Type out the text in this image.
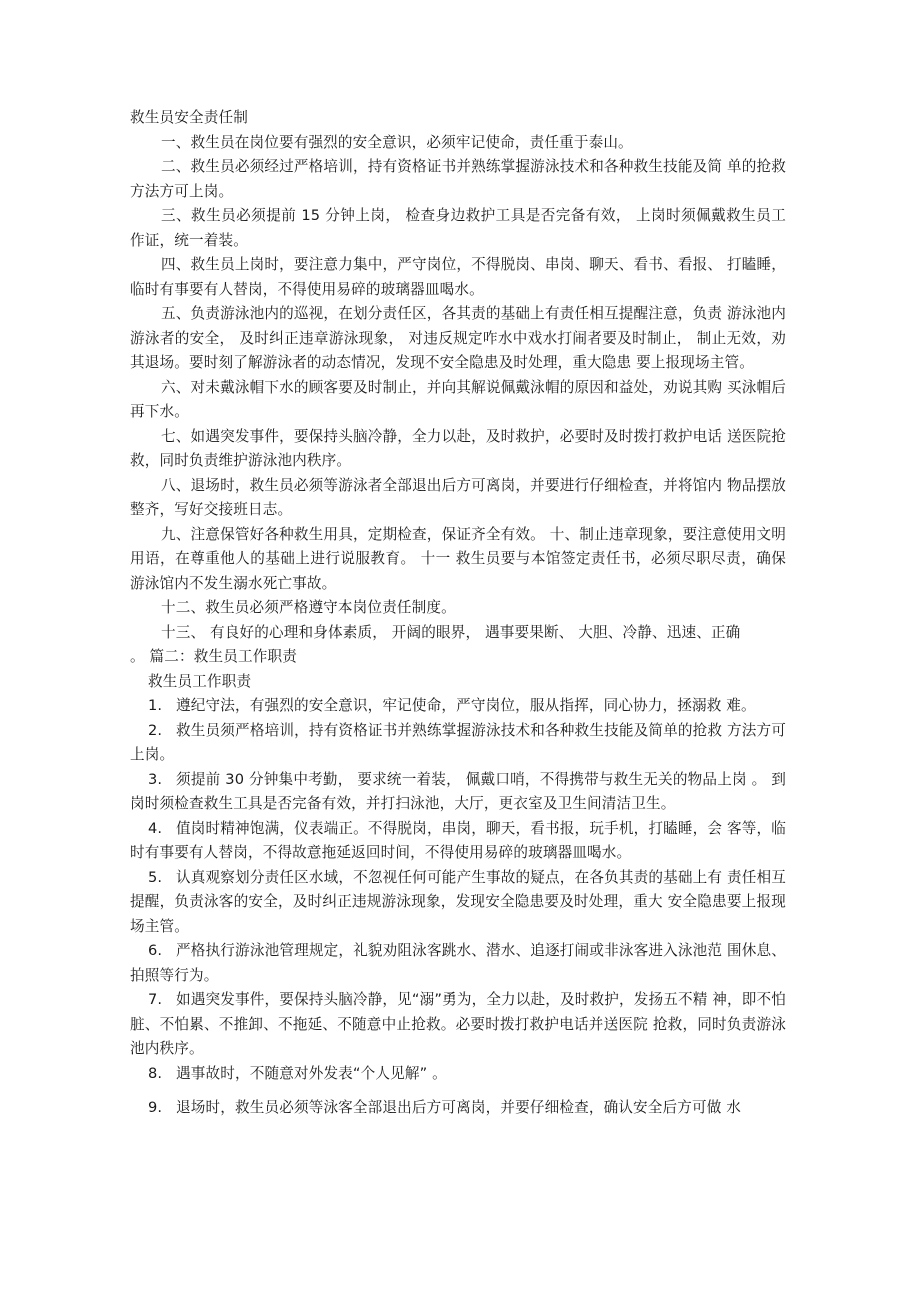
救生员安全责任制

一、救生员在岗位要有强烈的安全意识，必须牢记使命，责任重于泰山。

二、救生员必须经过严格培训，持有资格证书并熟练掌握游泳技术和各种救生技能及简 单的抢救方法方可上岗。

三、救生员必须提前 15 分钟上岗， 检查身边救护工具是否完备有效， 上岗时须佩戴救生员工作证，统一着装。

四、救生员上岗时，要注意力集中，严守岗位，不得脱岗、串岗、聊天、看书、看报、 打瞌睡，临时有事要有人替岗，不得使用易碎的玻璃器皿喝水。

五、负责游泳池内的巡视，在划分责任区，各其责的基础上有责任相互提醒注意，负责 游泳池内游泳者的安全， 及时纠正违章游泳现象， 对违反规定咋水中戏水打闹者要及时制止， 制止无效，劝其退场。要时刻了解游泳者的动态情况，发现不安全隐患及时处理，重大隐患 要上报现场主管。

六、对未戴泳帽下水的顾客要及时制止，并向其解说佩戴泳帽的原因和益处，劝说其购 买泳帽后再下水。

七、如遇突发事件，要保持头脑冷静，全力以赴，及时救护，必要时及时拨打救护电话 送医院抢救，同时负责维护游泳池内秩序。

八、退场时，救生员必须等游泳者全部退出后方可离岗，并要进行仔细检查，并将馆内 物品摆放整齐，写好交接班日志。

九、注意保管好各种救生用具，定期检查，保证齐全有效。 十、制止违章现象，要注意使用文明用语，在尊重他人的基础上进行说服教育。 十一 救生员要与本馆签定责任书，必须尽职尽责，确保游泳馆内不发生溺水死亡事故。

十二、救生员必须严格遵守本岗位责任制度。

十三、 有良好的心理和身体素质， 开阔的眼界， 遇事要果断、 大胆、冷静、迅速、正确

。 篇二：救生员工作职责

救生员工作职责

1. 遵纪守法，有强烈的安全意识，牢记使命，严守岗位，服从指挥，同心协力，拯溺救 难。

2. 救生员须严格培训，持有资格证书并熟练掌握游泳技术和各种救生技能及简单的抢救 方法方可上岗。

3. 须提前 30 分钟集中考勤， 要求统一着装， 佩戴口哨，不得携带与救生无关的物品上岗 。 到岗时须检查救生工具是否完备有效，并打扫泳池，大厅，更衣室及卫生间清洁卫生。

4. 值岗时精神饱满，仪表端正。不得脱岗，串岗，聊天，看书报，玩手机，打瞌睡，会 客等，临时有事要有人替岗，不得故意拖延返回时间，不得使用易碎的玻璃器皿喝水。

5. 认真观察划分责任区水域，不忽视任何可能产生事故的疑点，在各负其责的基础上有 责任相互提醒，负责泳客的安全，及时纠正违规游泳现象，发现安全隐患要及时处理，重大 安全隐患要上报现场主管。

6. 严格执行游泳池管理规定，礼貌劝阻泳客跳水、潜水、追逐打闹或非泳客进入泳池范 围休息、拍照等行为。

7. 如遇突发事件，要保持头脑冷静，见“溺”勇为，全力以赴，及时救护，发扬五不精 神，即不怕脏、不怕累、不推卸、不拖延、不随意中止抢救。必要时拨打救护电话并送医院 抢救，同时负责游泳池内秩序。

8. 遇事故时，不随意对外发表“个人见解” 。

9. 退场时，救生员必须等泳客全部退出后方可离岗，并要仔细检查，确认安全后方可做 水
